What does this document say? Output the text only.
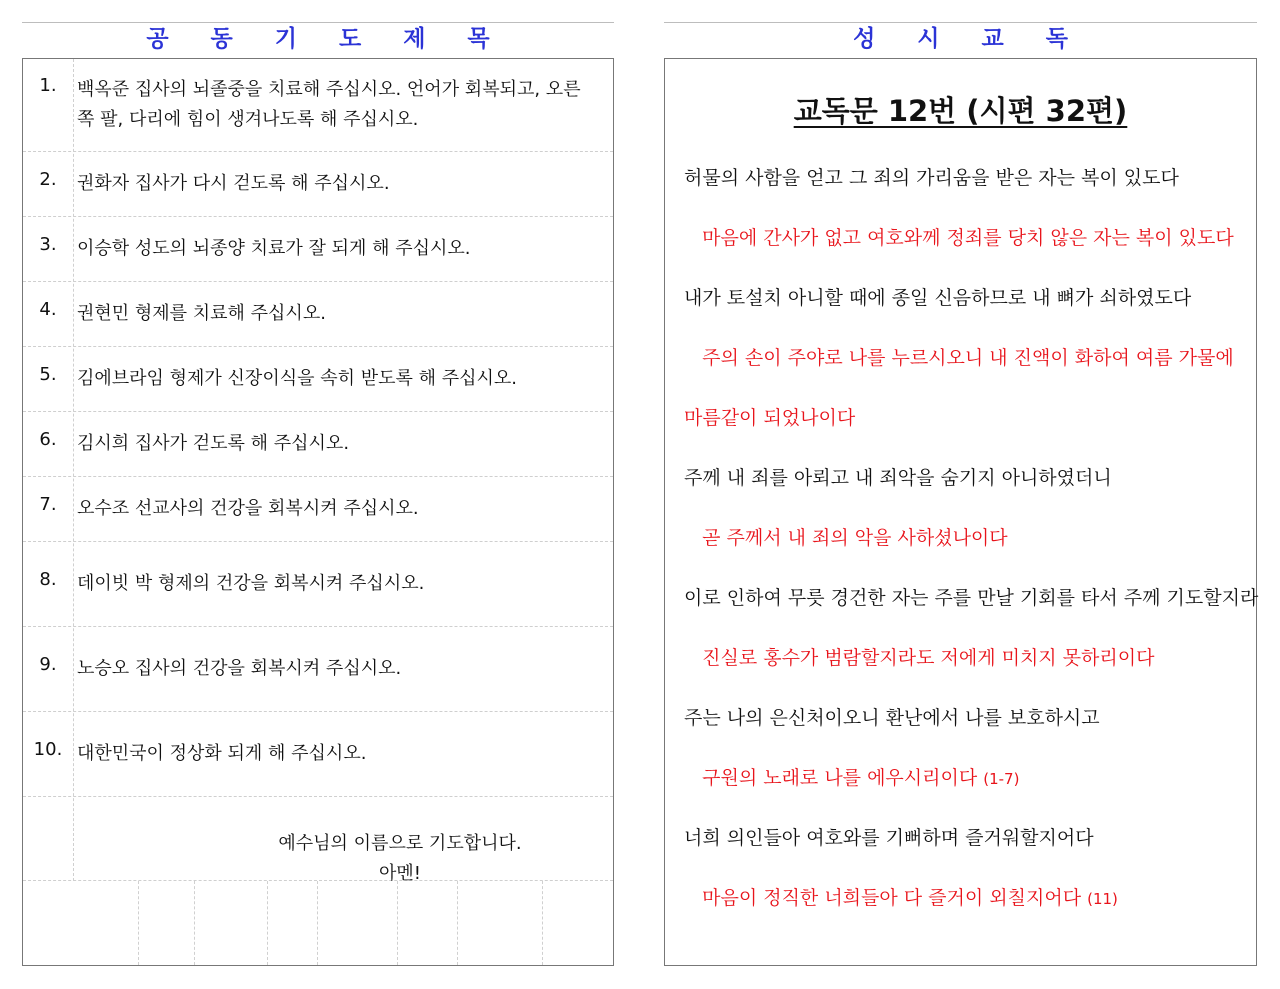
공동기도제목
1.	백옥준 집사의 뇌졸중을 치료해 주십시오. 언어가 회복되고, 오른쪽 팔, 다리에 힘이 생겨나도록 해 주십시오.
2.	권화자 집사가 다시 걷도록 해 주십시오.
3.	이승학 성도의 뇌종양 치료가 잘 되게 해 주십시오.
4.	권현민 형제를 치료해 주십시오.
5.	김에브라임 형제가 신장이식을 속히 받도록 해 주십시오.
6.	김시희 집사가 걷도록 해 주십시오.
7.	오수조 선교사의 건강을 회복시켜 주십시오.
8.	데이빗 박 형제의 건강을 회복시켜 주십시오.
9.	노승오 집사의 건강을 회복시켜 주십시오.
10. 대한민국이 정상화 되게 해 주십시오.
예수님의 이름으로 기도합니다.
아멘!
성시교독
교독문 12번 (시편 32편)
허물의 사함을 얻고 그 죄의 가리움을 받은 자는 복이 있도다
마음에 간사가 없고 여호와께 정죄를 당치 않은 자는 복이 있도다
내가 토설치 아니할 때에 종일 신음하므로 내 뼈가 쇠하였도다
주의 손이 주야로 나를 누르시오니 내 진액이 화하여 여름 가물에
마름같이 되었나이다
주께 내 죄를 아뢰고 내 죄악을 숨기지 아니하였더니
곧 주께서 내 죄의 악을 사하셨나이다
이로 인하여 무릇 경건한 자는 주를 만날 기회를 타서 주께 기도할지라
진실로 홍수가 범람할지라도 저에게 미치지 못하리이다
주는 나의 은신처이오니 환난에서 나를 보호하시고
구원의 노래로 나를 에우시리이다 (1-7)
너희 의인들아 여호와를 기뻐하며 즐거워할지어다
마음이 정직한 너희들아 다 즐거이 외칠지어다 (11)
